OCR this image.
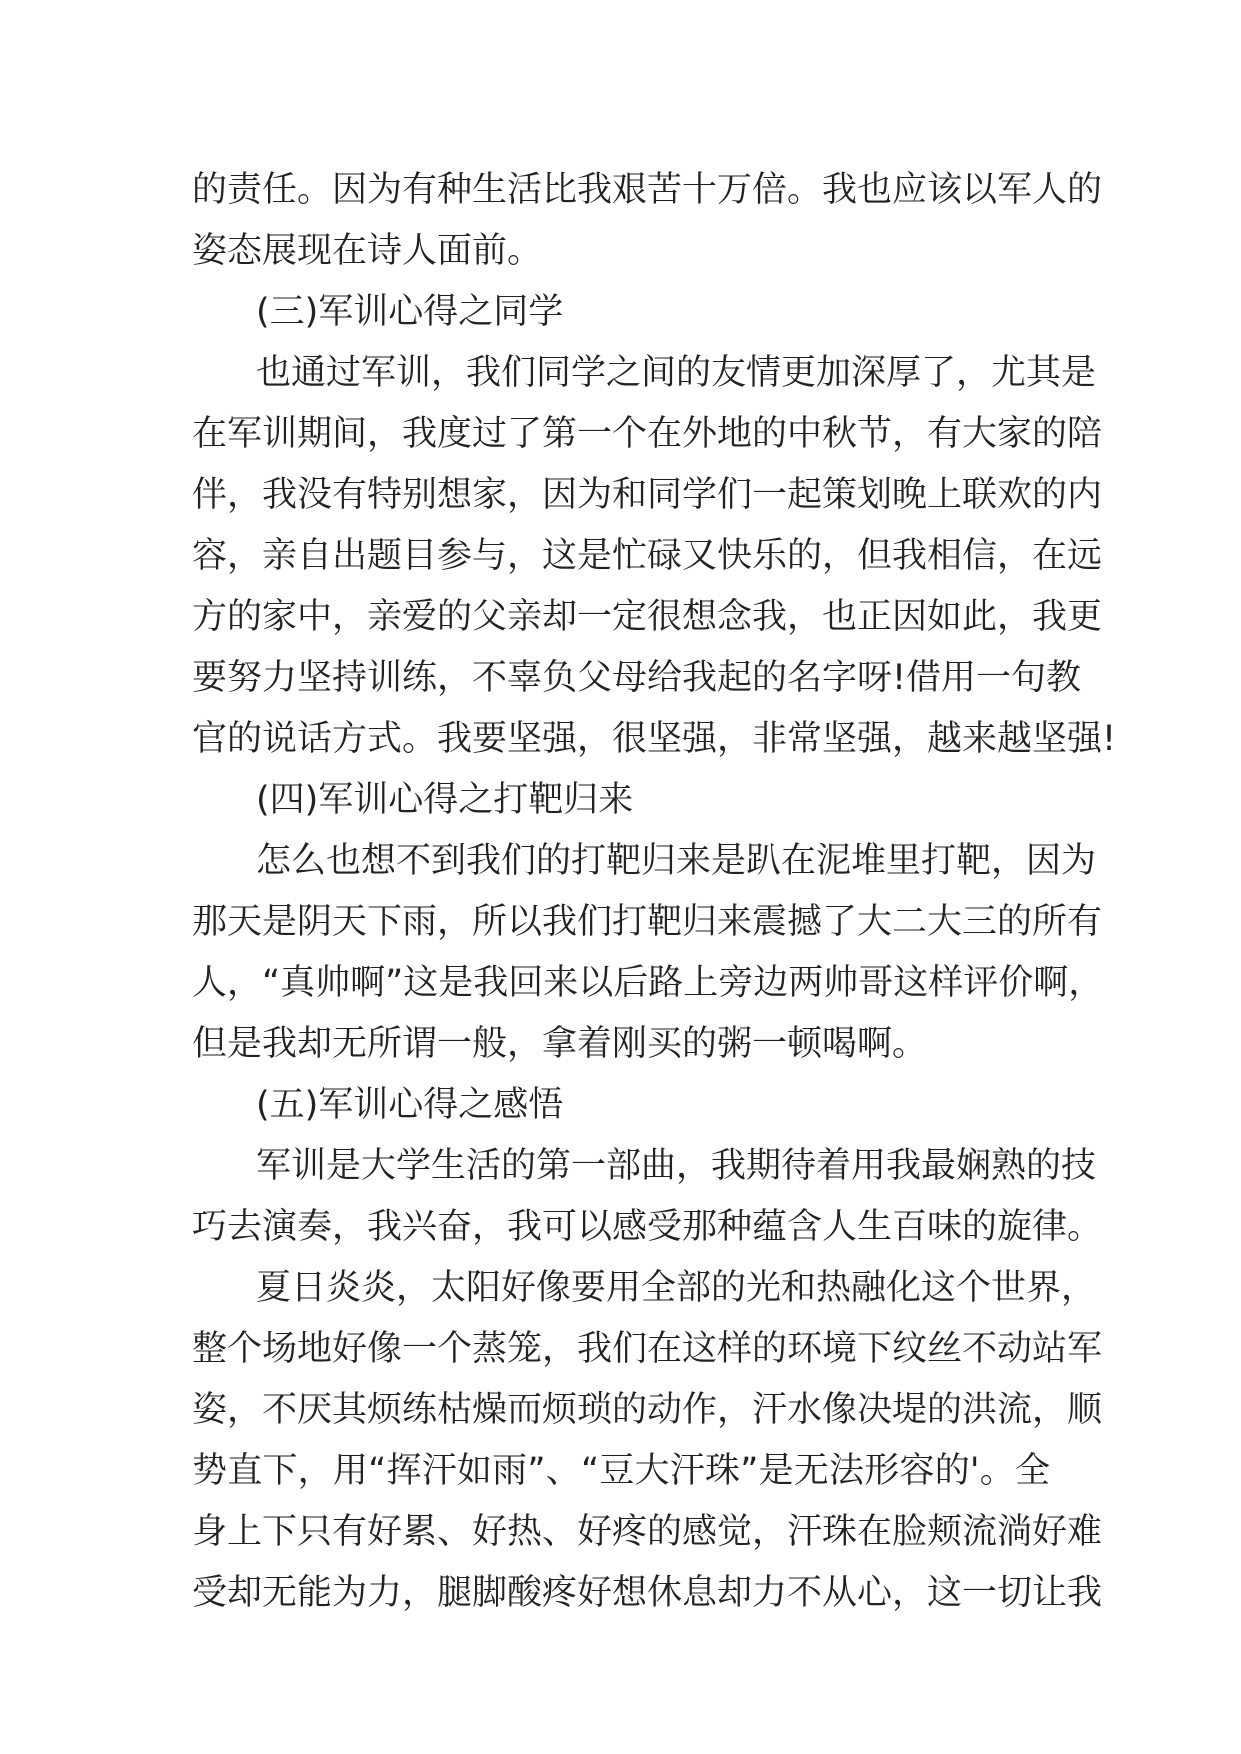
的责任。因为有种生活比我艰苦十万倍。我也应该以军人的
姿态展现在诗人面前。
(三)军训心得之同学
也通过军训，我们同学之间的友情更加深厚了，尤其是
在军训期间，我度过了第一个在外地的中秋节，有大家的陪
伴，我没有特别想家，因为和同学们一起策划晚上联欢的内
容，亲自出题目参与，这是忙碌又快乐的，但我相信，在远
方的家中，亲爱的父亲却一定很想念我，也正因如此，我更
要努力坚持训练，不辜负父母给我起的名字呀!借用一句教
官的说话方式。我要坚强，很坚强，非常坚强，越来越坚强!
(四)军训心得之打靶归来
怎么也想不到我们的打靶归来是趴在泥堆里打靶，因为
那天是阴天下雨，所以我们打靶归来震撼了大二大三的所有
人，“真帅啊”这是我回来以后路上旁边两帅哥这样评价啊，
但是我却无所谓一般，拿着刚买的粥一顿喝啊。
(五)军训心得之感悟
军训是大学生活的第一部曲，我期待着用我最娴熟的技
巧去演奏，我兴奋，我可以感受那种蕴含人生百味的旋律。
夏日炎炎，太阳好像要用全部的光和热融化这个世界，
整个场地好像一个蒸笼，我们在这样的环境下纹丝不动站军
姿，不厌其烦练枯燥而烦琐的动作，汗水像决堤的洪流，顺
势直下，用“挥汗如雨”、“豆大汗珠”是无法形容的'。全
身上下只有好累、好热、好疼的感觉，汗珠在脸颊流淌好难
受却无能为力，腿脚酸疼好想休息却力不从心，这一切让我
